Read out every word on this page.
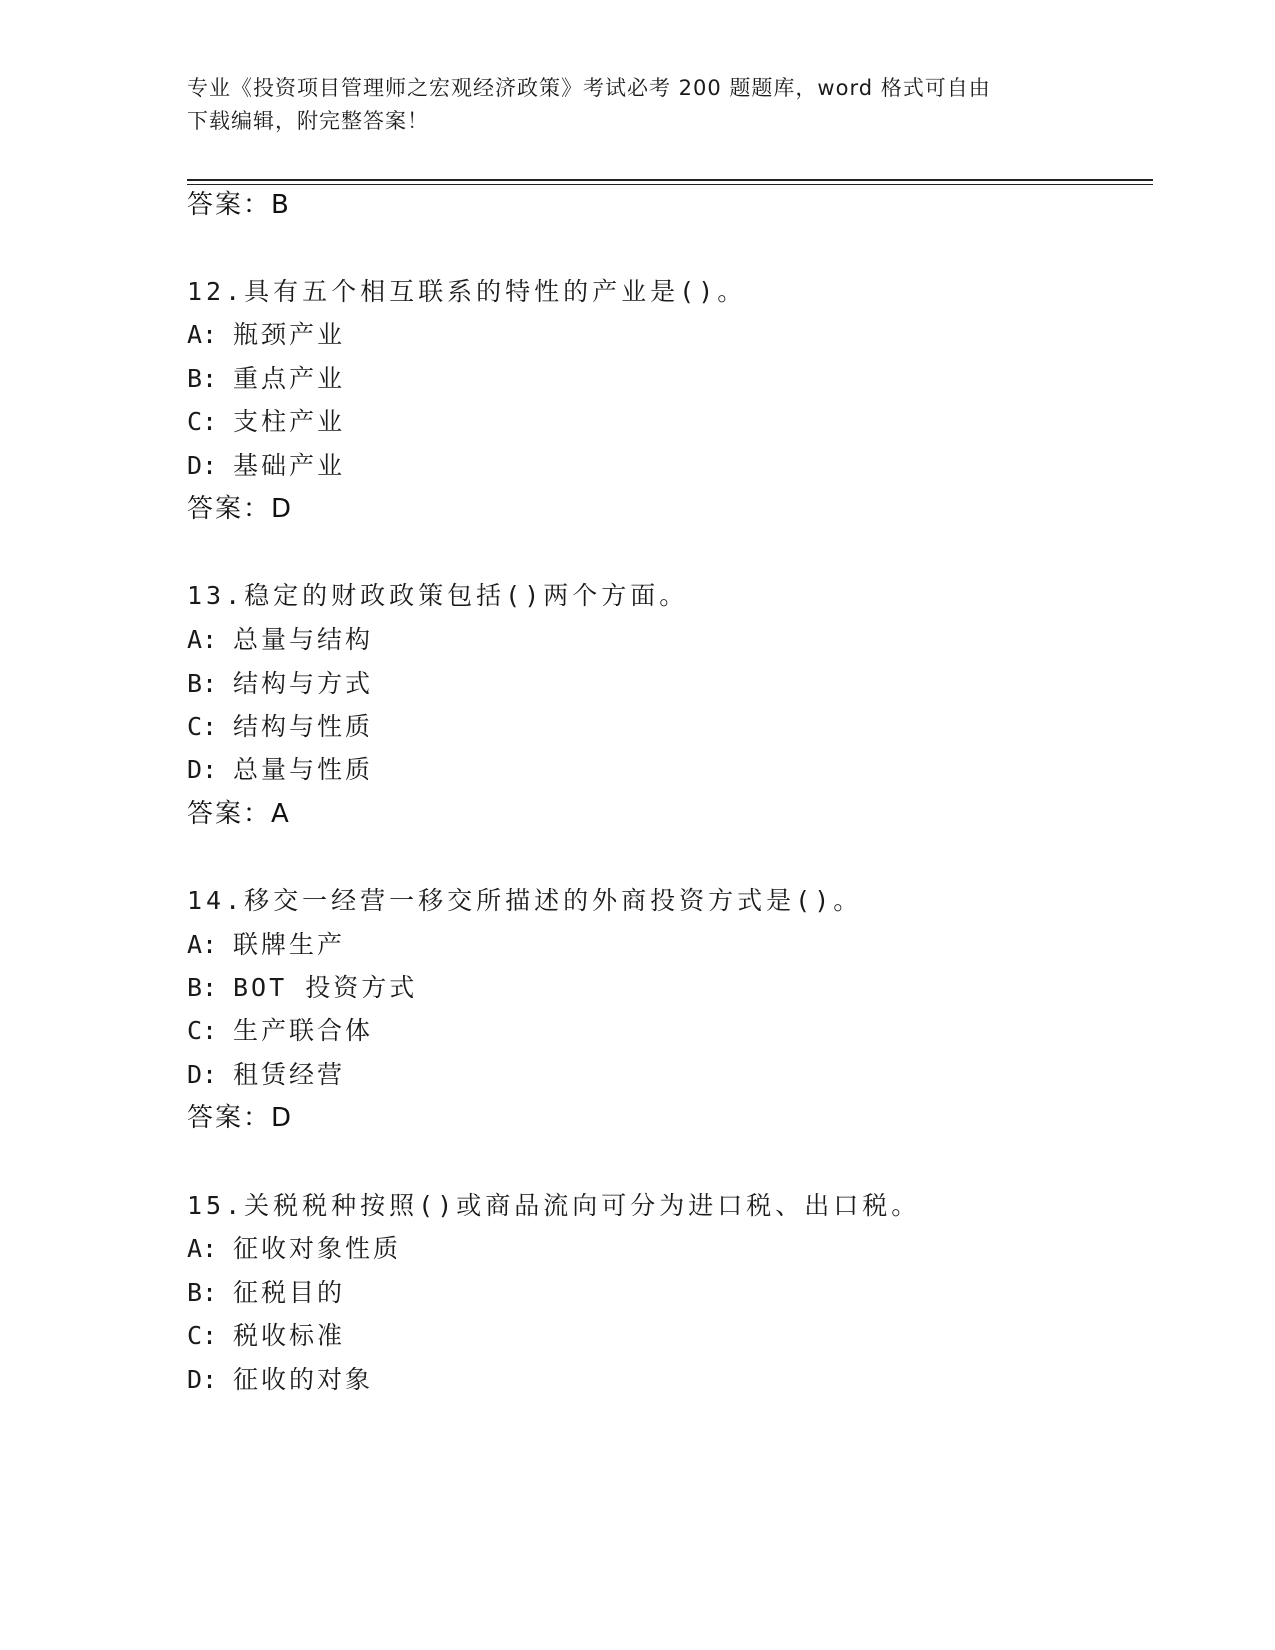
专业《投资项目管理师之宏观经济政策》考试必考 200 题题库，word 格式可自由
下载编辑，附完整答案！
答案：B
12.具有五个相互联系的特性的产业是()。
A: 瓶颈产业
B: 重点产业
C: 支柱产业
D: 基础产业
答案：D
13.稳定的财政政策包括()两个方面。
A: 总量与结构
B: 结构与方式
C: 结构与性质
D: 总量与性质
答案：A
14.移交一经营一移交所描述的外商投资方式是()。
A: 联牌生产
B: BOT 投资方式
C: 生产联合体
D: 租赁经营
答案：D
15.关税税种按照()或商品流向可分为进口税、出口税。
A: 征收对象性质
B: 征税目的
C: 税收标准
D: 征收的对象
